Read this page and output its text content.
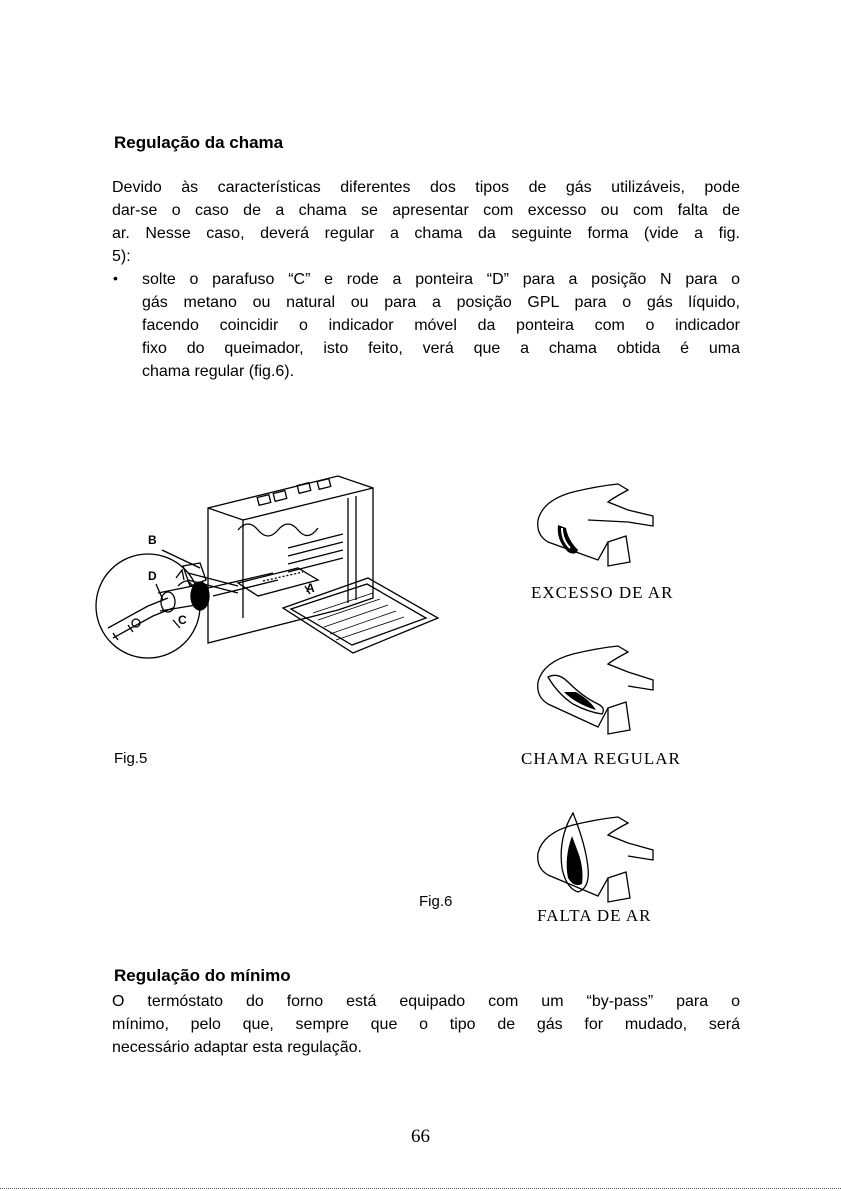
Regulação da chama
Devido às características diferentes dos tipos de gás utilizáveis, pode
dar-se o caso de a chama se apresentar com excesso ou com falta de
ar. Nesse caso, deverá regular a chama da seguinte forma (vide a fig.
5):
• solte o parafuso “C” e rode a ponteira “D” para a posição N para o
gás metano ou natural ou para a posição GPL para o gás líquido,
facendo coincidir o indicador móvel da ponteira com o indicador
fixo do queimador, isto feito, verá que a chama obtida é uma
chama regular (fig.6).
B
D
C
A
Fig.5
EXCESSO DE AR
CHAMA REGULAR
FALTA DE AR
Fig.6
Regulação do mínimo
O termóstato do forno está equipado com um “by-pass” para o
mínimo, pelo que, sempre que o tipo de gás for mudado, será
necessário adaptar esta regulação.
66
